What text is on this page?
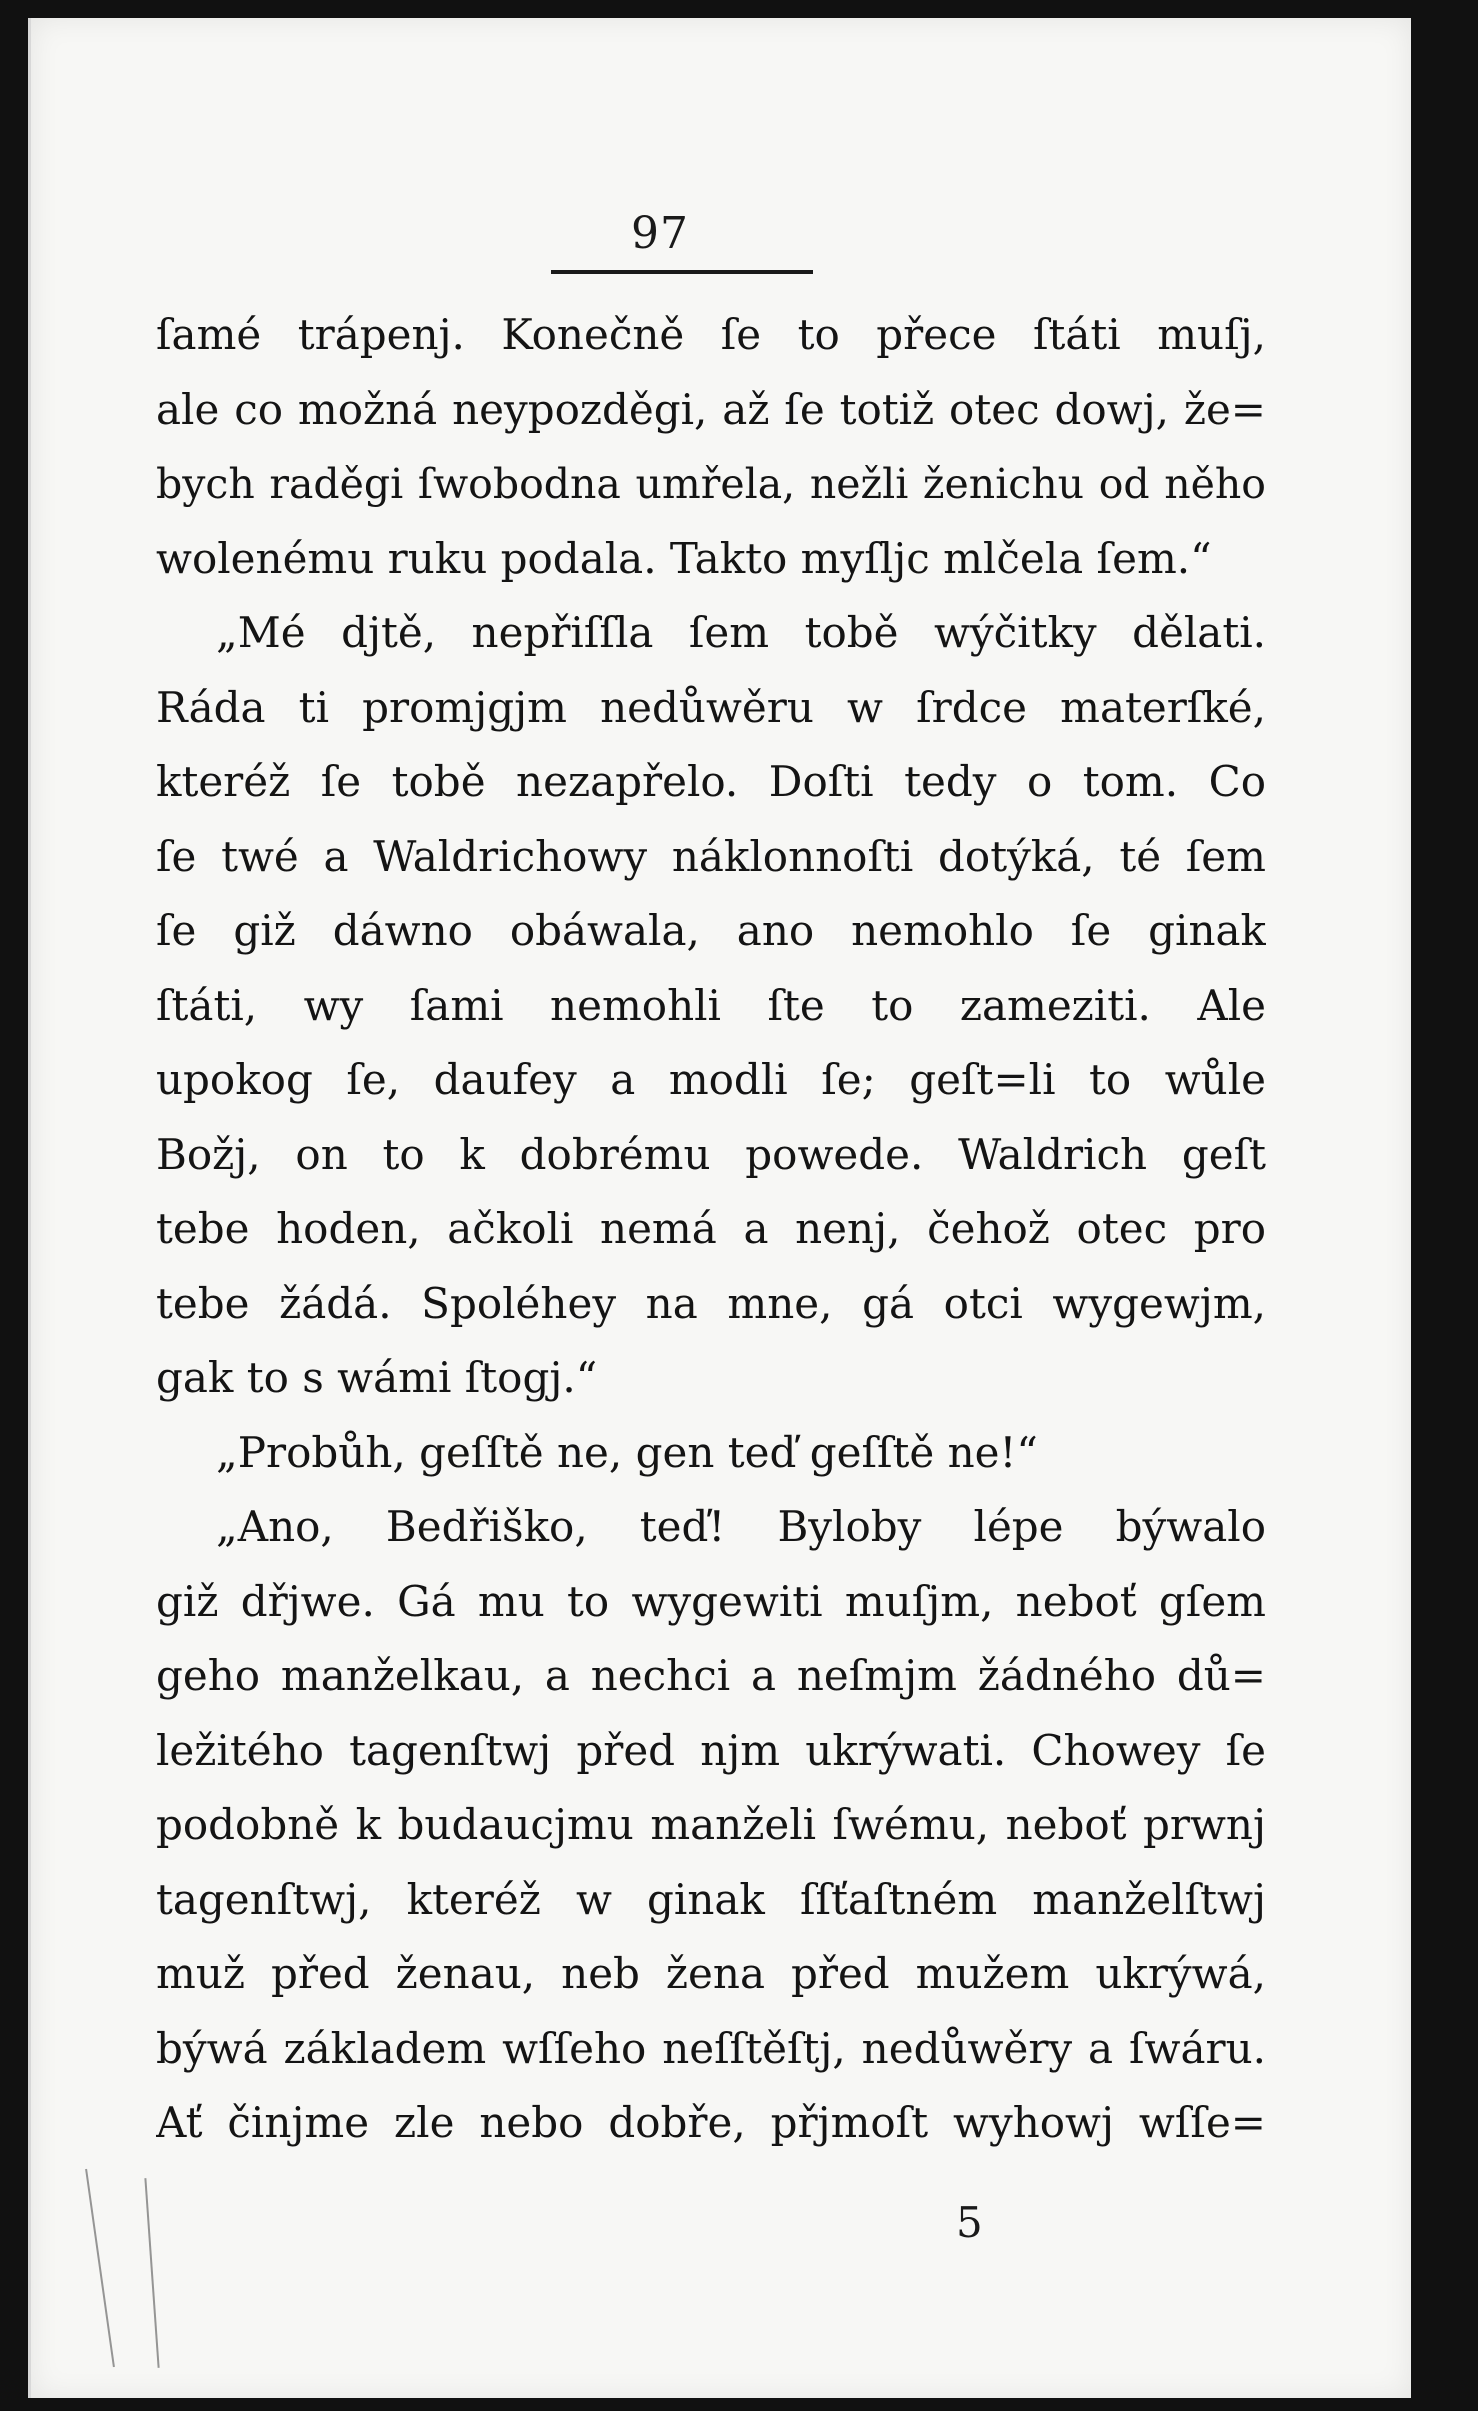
97
ſamé trápenj. Konečně ſe to přece ſtáti muſj,
ale co možná neypozděgi, až ſe totiž otec dowj, že=
bych raděgi ſwobodna umřela, nežli ženichu od něho
wolenému ruku podala. Takto myſljc mlčela ſem.“
„Mé djtě, nepřiſſla ſem tobě wýčitky dělati.
Ráda ti promjgjm nedůwěru w ſrdce materſké,
kteréž ſe tobě nezapřelo. Doſti tedy o tom. Co
ſe twé a Waldrichowy náklonnoſti dotýká, té ſem
ſe giž dáwno obáwala, ano nemohlo ſe ginak
ſtáti, wy ſami nemohli ſte to zameziti. Ale
upokog ſe, daufey a modli ſe; geſt=li to wůle
Božj, on to k dobrému powede. Waldrich geſt
tebe hoden, ačkoli nemá a nenj, čehož otec pro
tebe žádá. Spoléhey na mne, gá otci wygewjm,
gak to s wámi ſtogj.“
„Probůh, geſſtě ne, gen teď geſſtě ne!“
„Ano, Bedřiško, teď! Byloby lépe býwalo
giž dřjwe. Gá mu to wygewiti muſjm, neboť gſem
geho manželkau, a nechci a neſmjm žádného dů=
ležitého tagenſtwj před njm ukrýwati. Chowey ſe
podobně k budaucjmu manželi ſwému, neboť prwnj
tagenſtwj, kteréž w ginak ſſťaſtném manželſtwj
muž před ženau, neb žena před mužem ukrýwá,
býwá základem wſſeho neſſtěſtj, nedůwěry a ſwáru.
Ať činjme zle nebo dobře, přjmoſt wyhowj wſſe=
5
